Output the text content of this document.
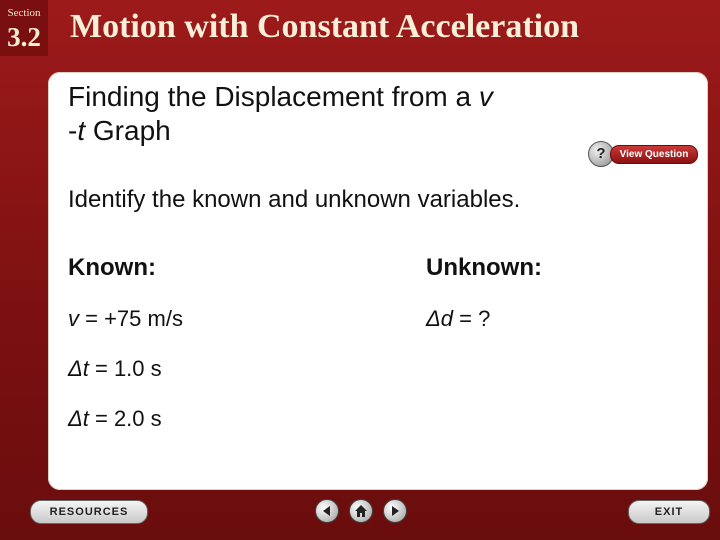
Section
3.2 Motion with Constant Acceleration
Finding the Displacement from a v
-t Graph
?	View Question
Identify the known and unknown variables.
Known:	Unknown:
v = +75 m/s
Δt = 1.0 s
Δt = 2.0 s
Δd = ?
RESOURCES	EXIT
